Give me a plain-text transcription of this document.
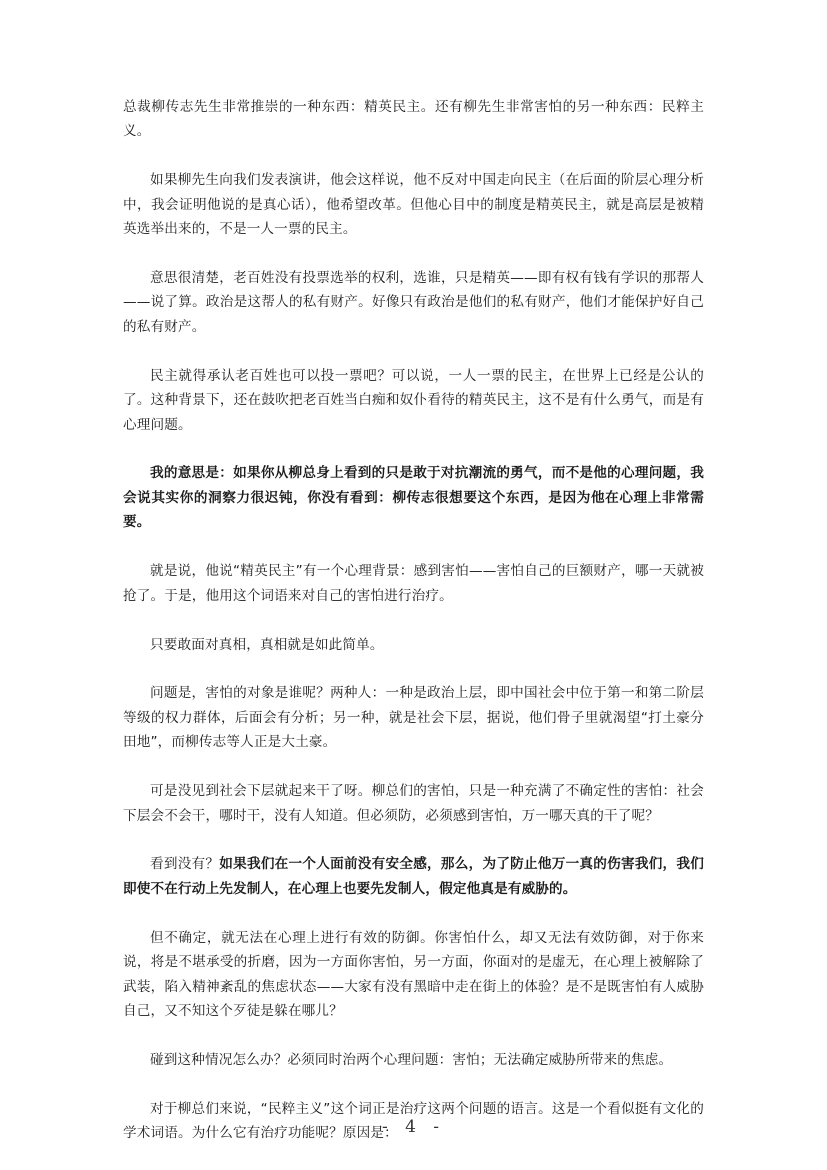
总裁柳传志先生非常推崇的一种东西：精英民主。还有柳先生非常害怕的另一种东西：民粹主义。

如果柳先生向我们发表演讲，他会这样说，他不反对中国走向民主（在后面的阶层心理分析中，我会证明他说的是真心话），他希望改革。但他心目中的制度是精英民主，就是高层是被精英选举出来的，不是一人一票的民主。

意思很清楚，老百姓没有投票选举的权利，选谁，只是精英——即有权有钱有学识的那帮人——说了算。政治是这帮人的私有财产。好像只有政治是他们的私有财产，他们才能保护好自己的私有财产。

民主就得承认老百姓也可以投一票吧？可以说，一人一票的民主，在世界上已经是公认的了。这种背景下，还在鼓吹把老百姓当白痴和奴仆看待的精英民主，这不是有什么勇气，而是有心理问题。

我的意思是：如果你从柳总身上看到的只是敢于对抗潮流的勇气，而不是他的心理问题，我会说其实你的洞察力很迟钝，你没有看到：柳传志很想要这个东西，是因为他在心理上非常需要。

就是说，他说“精英民主”有一个心理背景：感到害怕——害怕自己的巨额财产，哪一天就被抢了。于是，他用这个词语来对自己的害怕进行治疗。

只要敢面对真相，真相就是如此简单。

问题是，害怕的对象是谁呢？两种人：一种是政治上层，即中国社会中位于第一和第二阶层等级的权力群体，后面会有分析；另一种，就是社会下层，据说，他们骨子里就渴望“打土豪分田地”，而柳传志等人正是大土豪。

可是没见到社会下层就起来干了呀。柳总们的害怕，只是一种充满了不确定性的害怕：社会下层会不会干，哪时干，没有人知道。但必须防，必须感到害怕，万一哪天真的干了呢？

看到没有？如果我们在一个人面前没有安全感，那么，为了防止他万一真的伤害我们，我们即使不在行动上先发制人，在心理上也要先发制人，假定他真是有威胁的。

但不确定，就无法在心理上进行有效的防御。你害怕什么，却又无法有效防御，对于你来说，将是不堪承受的折磨，因为一方面你害怕，另一方面，你面对的是虚无，在心理上被解除了武装，陷入精神紊乱的焦虑状态——大家有没有黑暗中走在街上的体验？是不是既害怕有人威胁自己，又不知这个歹徒是躲在哪儿？

碰到这种情况怎么办？必须同时治两个心理问题：害怕；无法确定威胁所带来的焦虑。

对于柳总们来说，“民粹主义”这个词正是治疗这两个问题的语言。这是一个看似挺有文化的学术词语。为什么它有治疗功能呢？原因是：

- 4 -
